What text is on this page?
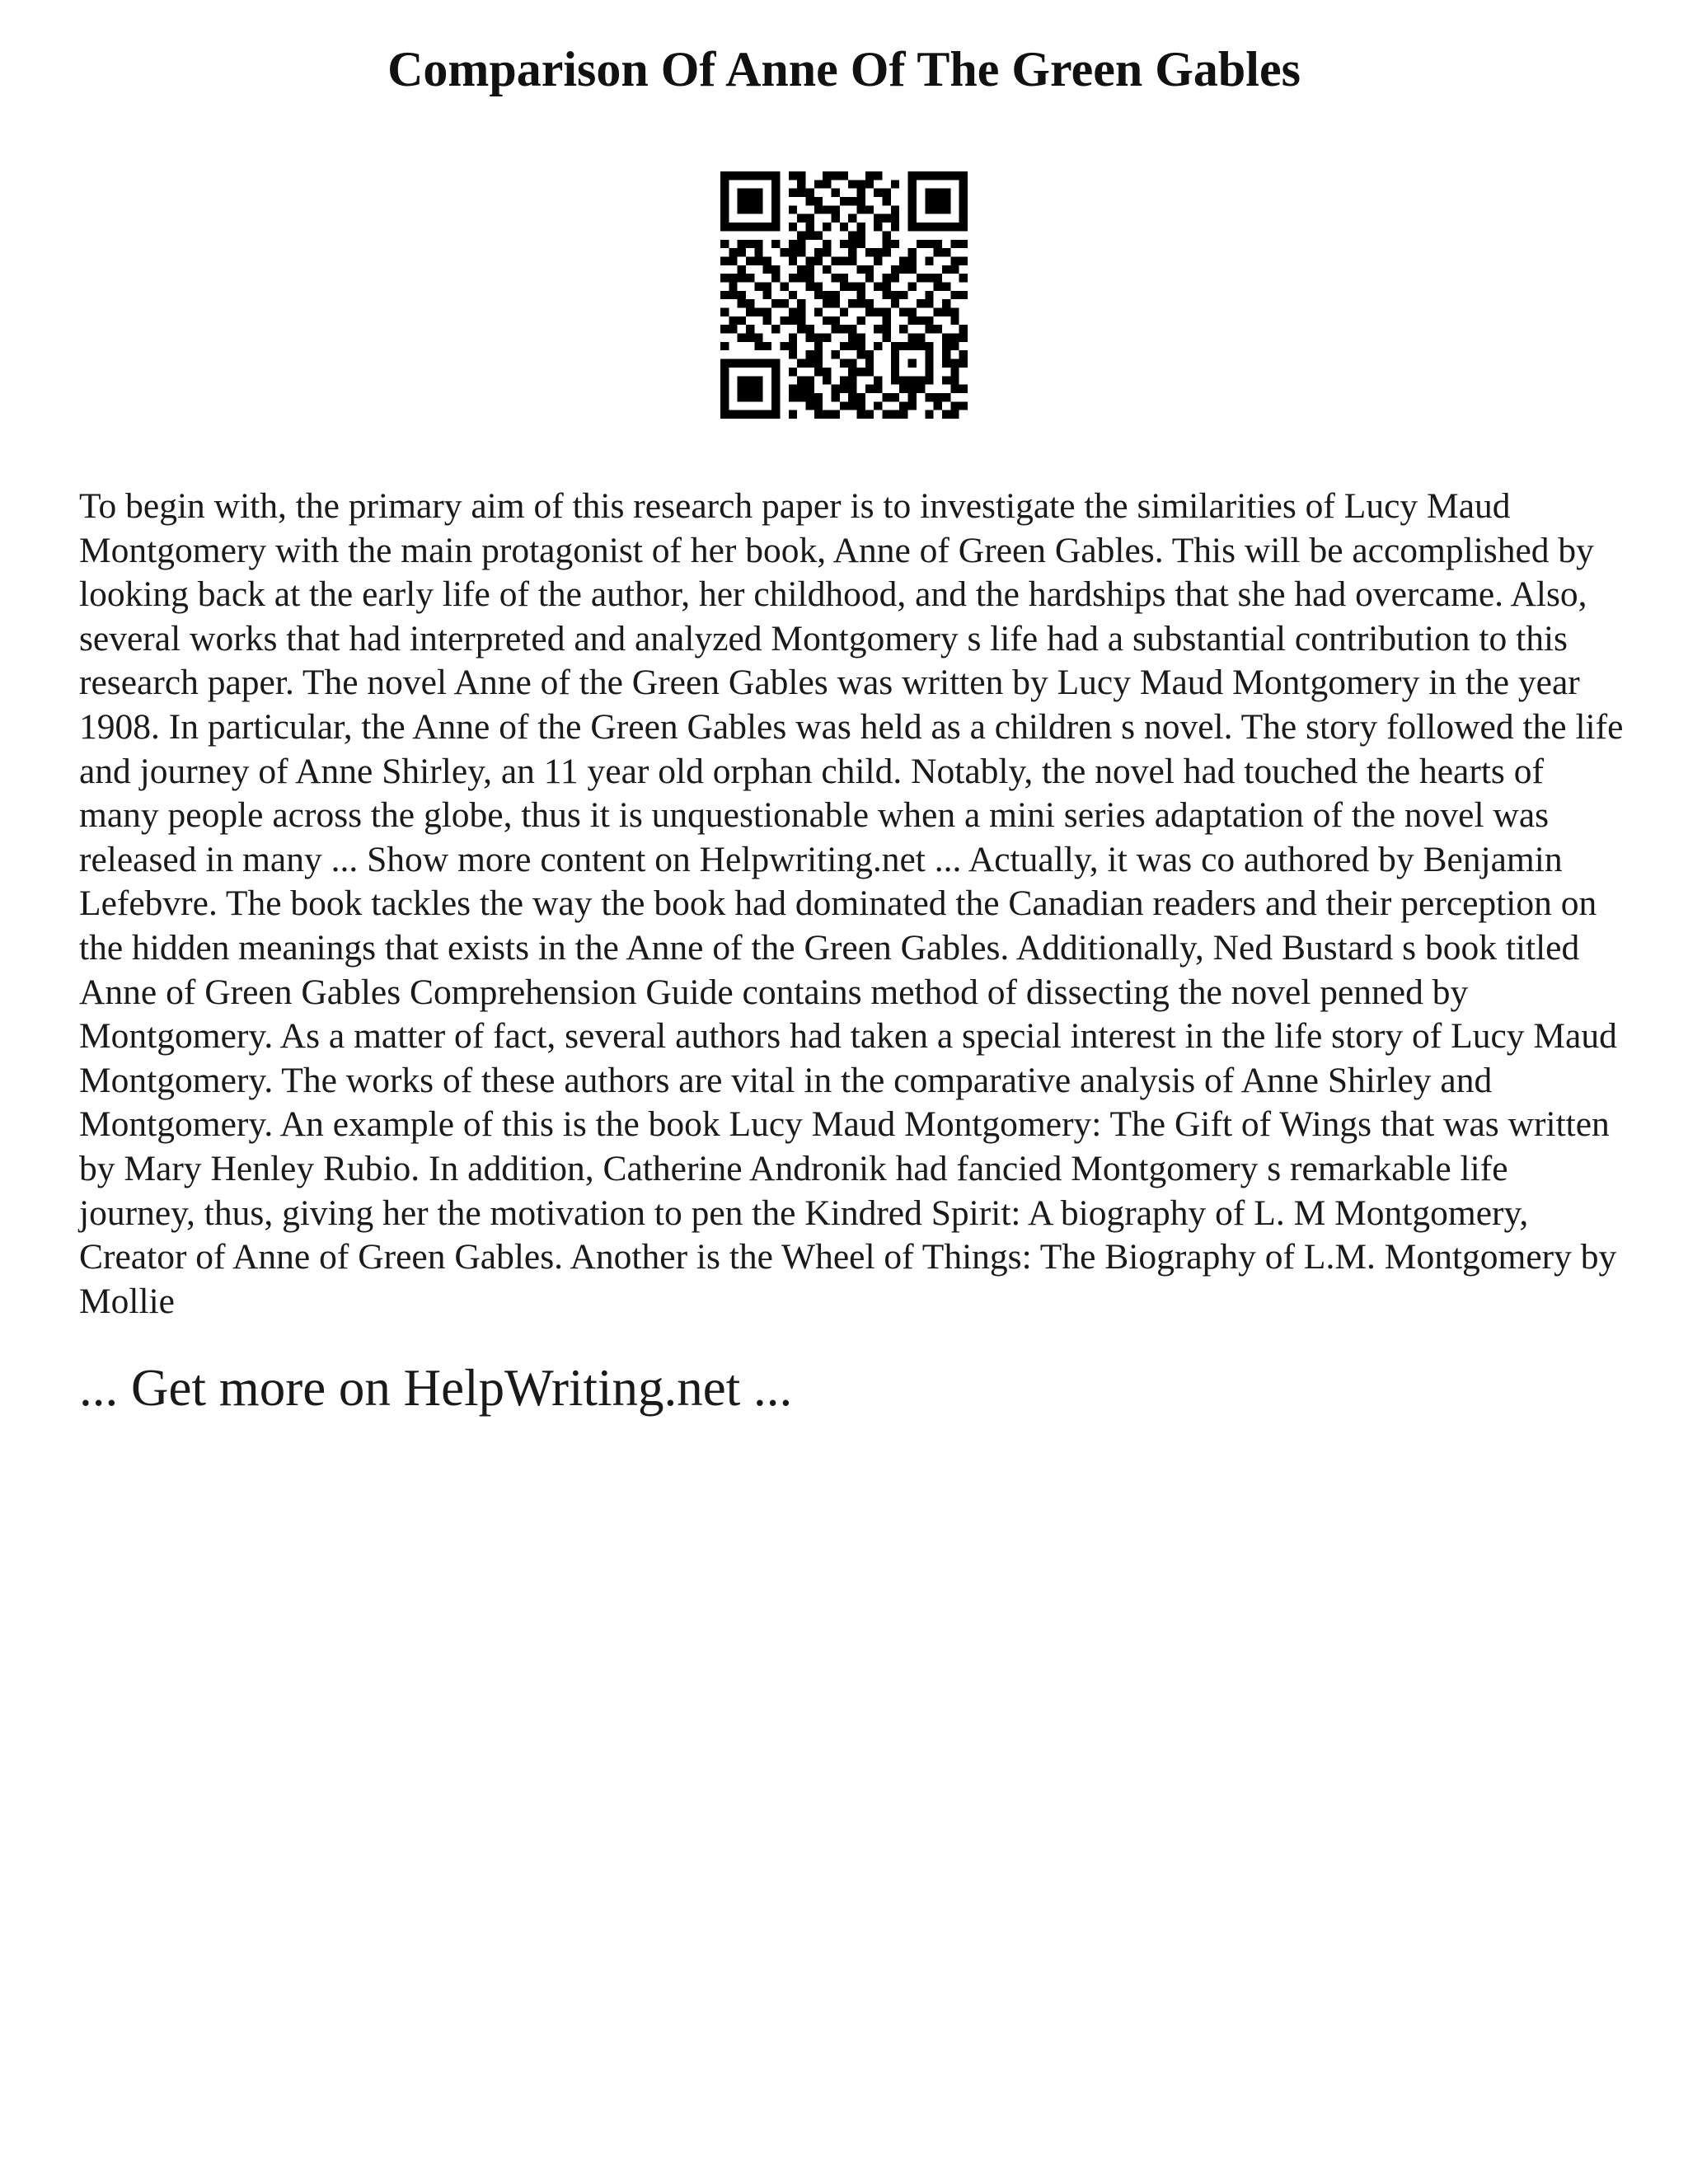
Comparison Of Anne Of The Green Gables

To begin with, the primary aim of this research paper is to investigate the similarities of Lucy Maud Montgomery with the main protagonist of her book, Anne of Green Gables. This will be accomplished by looking back at the early life of the author, her childhood, and the hardships that she had overcame. Also, several works that had interpreted and analyzed Montgomery s life had a substantial contribution to this research paper. The novel Anne of the Green Gables was written by Lucy Maud Montgomery in the year 1908. In particular, the Anne of the Green Gables was held as a children s novel. The story followed the life and journey of Anne Shirley, an 11 year old orphan child. Notably, the novel had touched the hearts of many people across the globe, thus it is unquestionable when a mini series adaptation of the novel was released in many ... Show more content on Helpwriting.net ... Actually, it was co authored by Benjamin Lefebvre. The book tackles the way the book had dominated the Canadian readers and their perception on the hidden meanings that exists in the Anne of the Green Gables. Additionally, Ned Bustard s book titled Anne of Green Gables Comprehension Guide contains method of dissecting the novel penned by Montgomery. As a matter of fact, several authors had taken a special interest in the life story of Lucy Maud Montgomery. The works of these authors are vital in the comparative analysis of Anne Shirley and Montgomery. An example of this is the book Lucy Maud Montgomery: The Gift of Wings that was written by Mary Henley Rubio. In addition, Catherine Andronik had fancied Montgomery s remarkable life journey, thus, giving her the motivation to pen the Kindred Spirit: A biography of L. M Montgomery, Creator of Anne of Green Gables. Another is the Wheel of Things: The Biography of L.M. Montgomery by Mollie

... Get more on HelpWriting.net ...
